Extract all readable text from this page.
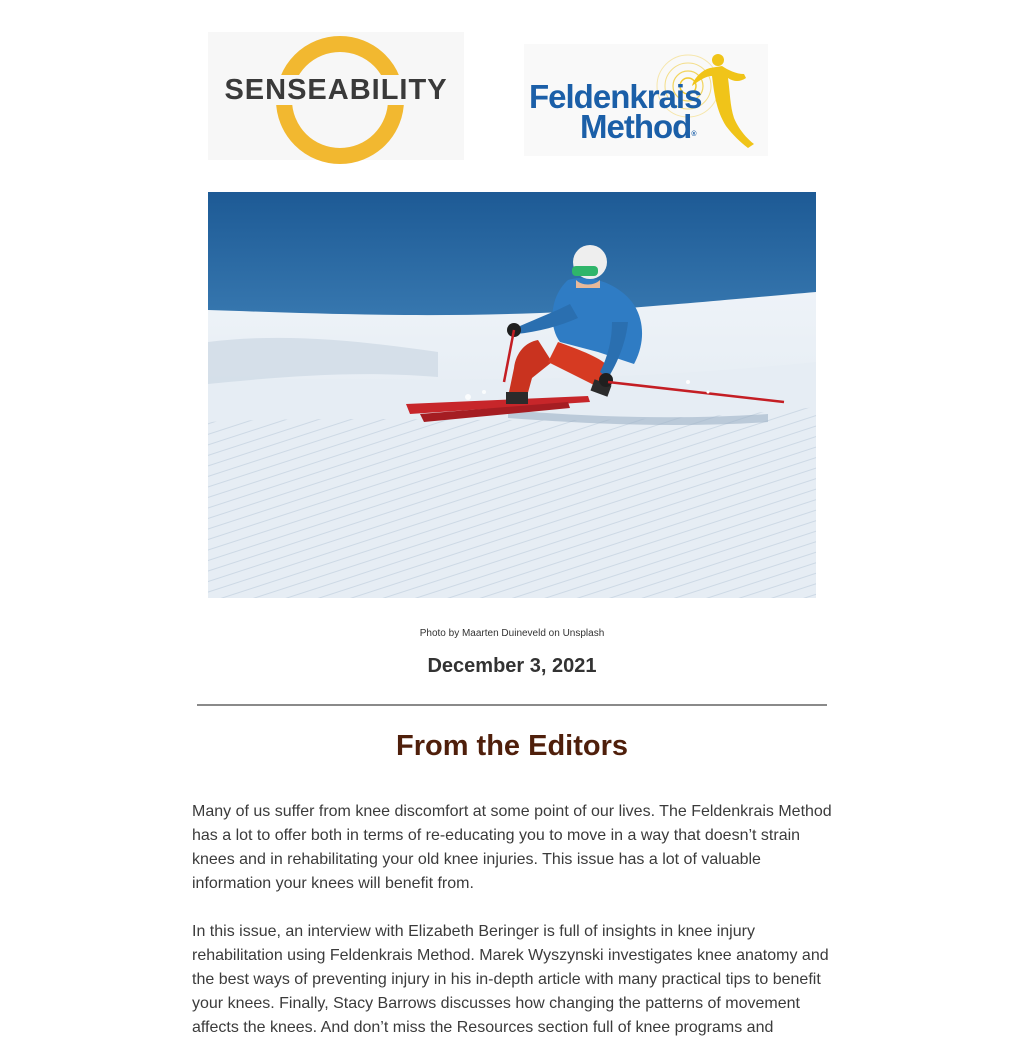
SENSEABILITY	Feldenkrais
Method®
Photo by Maarten Duineveld on Unsplash
December 3, 2021
From the Editors

Many of us suffer from knee discomfort at some point of our lives. The Feldenkrais Method has a lot to offer both in terms of re-educating you to move in a way that doesn’t strain knees and in rehabilitating your old knee injuries. This issue has a lot of valuable information your knees will benefit from.

In this issue, an interview with Elizabeth Beringer is full of insights in knee injury rehabilitation using Feldenkrais Method. Marek Wyszynski investigates knee anatomy and the best ways of preventing injury in his in-depth article with many practical tips to benefit your knees. Finally, Stacy Barrows discusses how changing the patterns of movement affects the knees. And don’t miss the Resources section full of knee programs and
